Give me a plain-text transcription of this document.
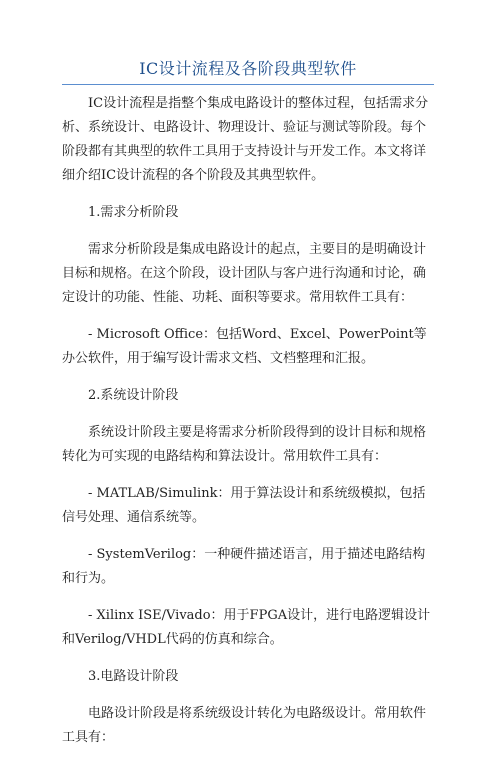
IC设计流程及各阶段典型软件

IC设计流程是指整个集成电路设计的整体过程，包括需求分析、系统设计、电路设计、物理设计、验证与测试等阶段。每个阶段都有其典型的软件工具用于支持设计与开发工作。本文将详细介绍IC设计流程的各个阶段及其典型软件。

1.需求分析阶段

需求分析阶段是集成电路设计的起点，主要目的是明确设计目标和规格。在这个阶段，设计团队与客户进行沟通和讨论，确定设计的功能、性能、功耗、面积等要求。常用软件工具有：

- Microsoft Office：包括Word、Excel、PowerPoint等办公软件，用于编写设计需求文档、文档整理和汇报。

2.系统设计阶段

系统设计阶段主要是将需求分析阶段得到的设计目标和规格转化为可实现的电路结构和算法设计。常用软件工具有：

- MATLAB/Simulink：用于算法设计和系统级模拟，包括信号处理、通信系统等。

- SystemVerilog：一种硬件描述语言，用于描述电路结构和行为。

- Xilinx ISE/Vivado：用于FPGA设计，进行电路逻辑设计和Verilog/VHDL代码的仿真和综合。

3.电路设计阶段

电路设计阶段是将系统级设计转化为电路级设计。常用软件工具有：
